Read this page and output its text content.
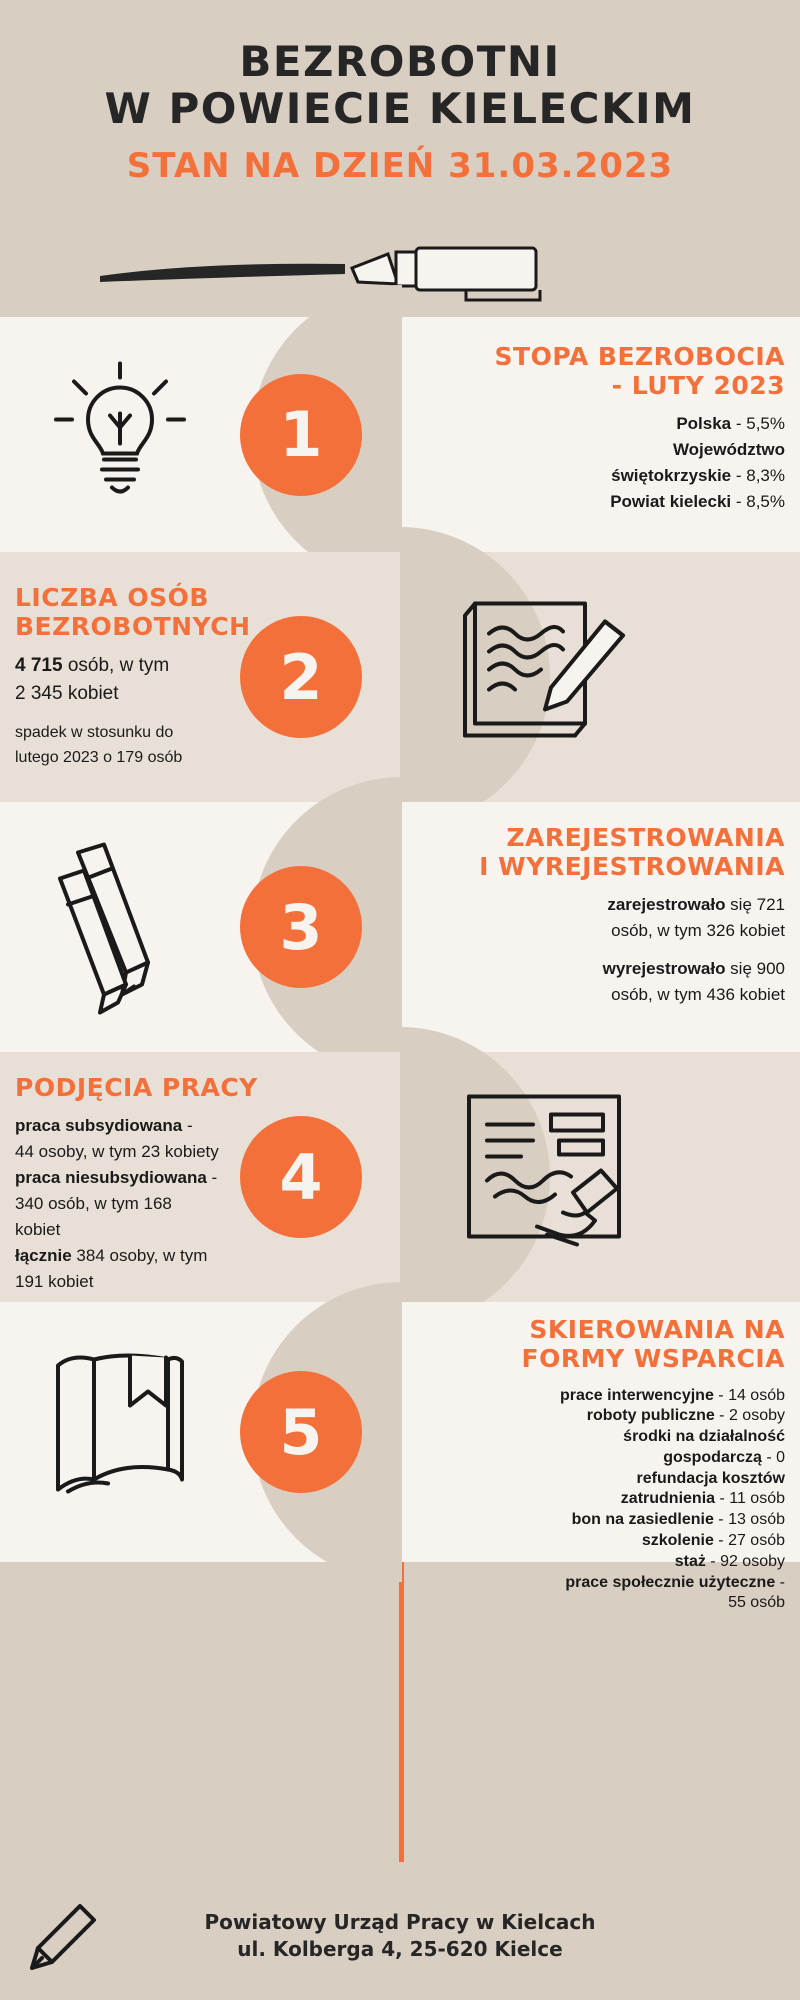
BEZROBOTNI
W POWIECIE KIELECKIM
STAN NA DZIEŃ 31.03.2023
1
STOPA BEZROBOCIA
- LUTY 2023

Polska - 5,5%

Województwo

świętokrzyskie - 8,3%

Powiat kielecki - 8,5%

2
LICZBA OSÓB
BEZROBOTNYCH

4 715 osób, w tym

2 345 kobiet

spadek w stosunku do

lutego 2023 o 179 osób

3
ZAREJESTROWANIA
I WYREJESTROWANIA

zarejestrowało się 721

osób, w tym 326 kobiet

wyrejestrowało się 900

osób, w tym 436 kobiet

4
PODJĘCIA PRACY

praca subsydiowana -

44 osoby, w tym 23 kobiety

praca niesubsydiowana -

340 osób, w tym 168

kobiet

łącznie 384 osoby, w tym

191 kobiet

5
SKIEROWANIA NA
FORMY WSPARCIA

prace interwencyjne - 14 osób

roboty publiczne - 2 osoby

środki na działalność

gospodarczą - 0

refundacja kosztów

zatrudnienia - 11 osób

bon na zasiedlenie - 13 osób

szkolenie - 27 osób

staż - 92 osoby

prace społecznie użyteczne -

55 osób

Powiatowy Urząd Pracy w Kielcach
ul. Kolberga 4, 25-620 Kielce
